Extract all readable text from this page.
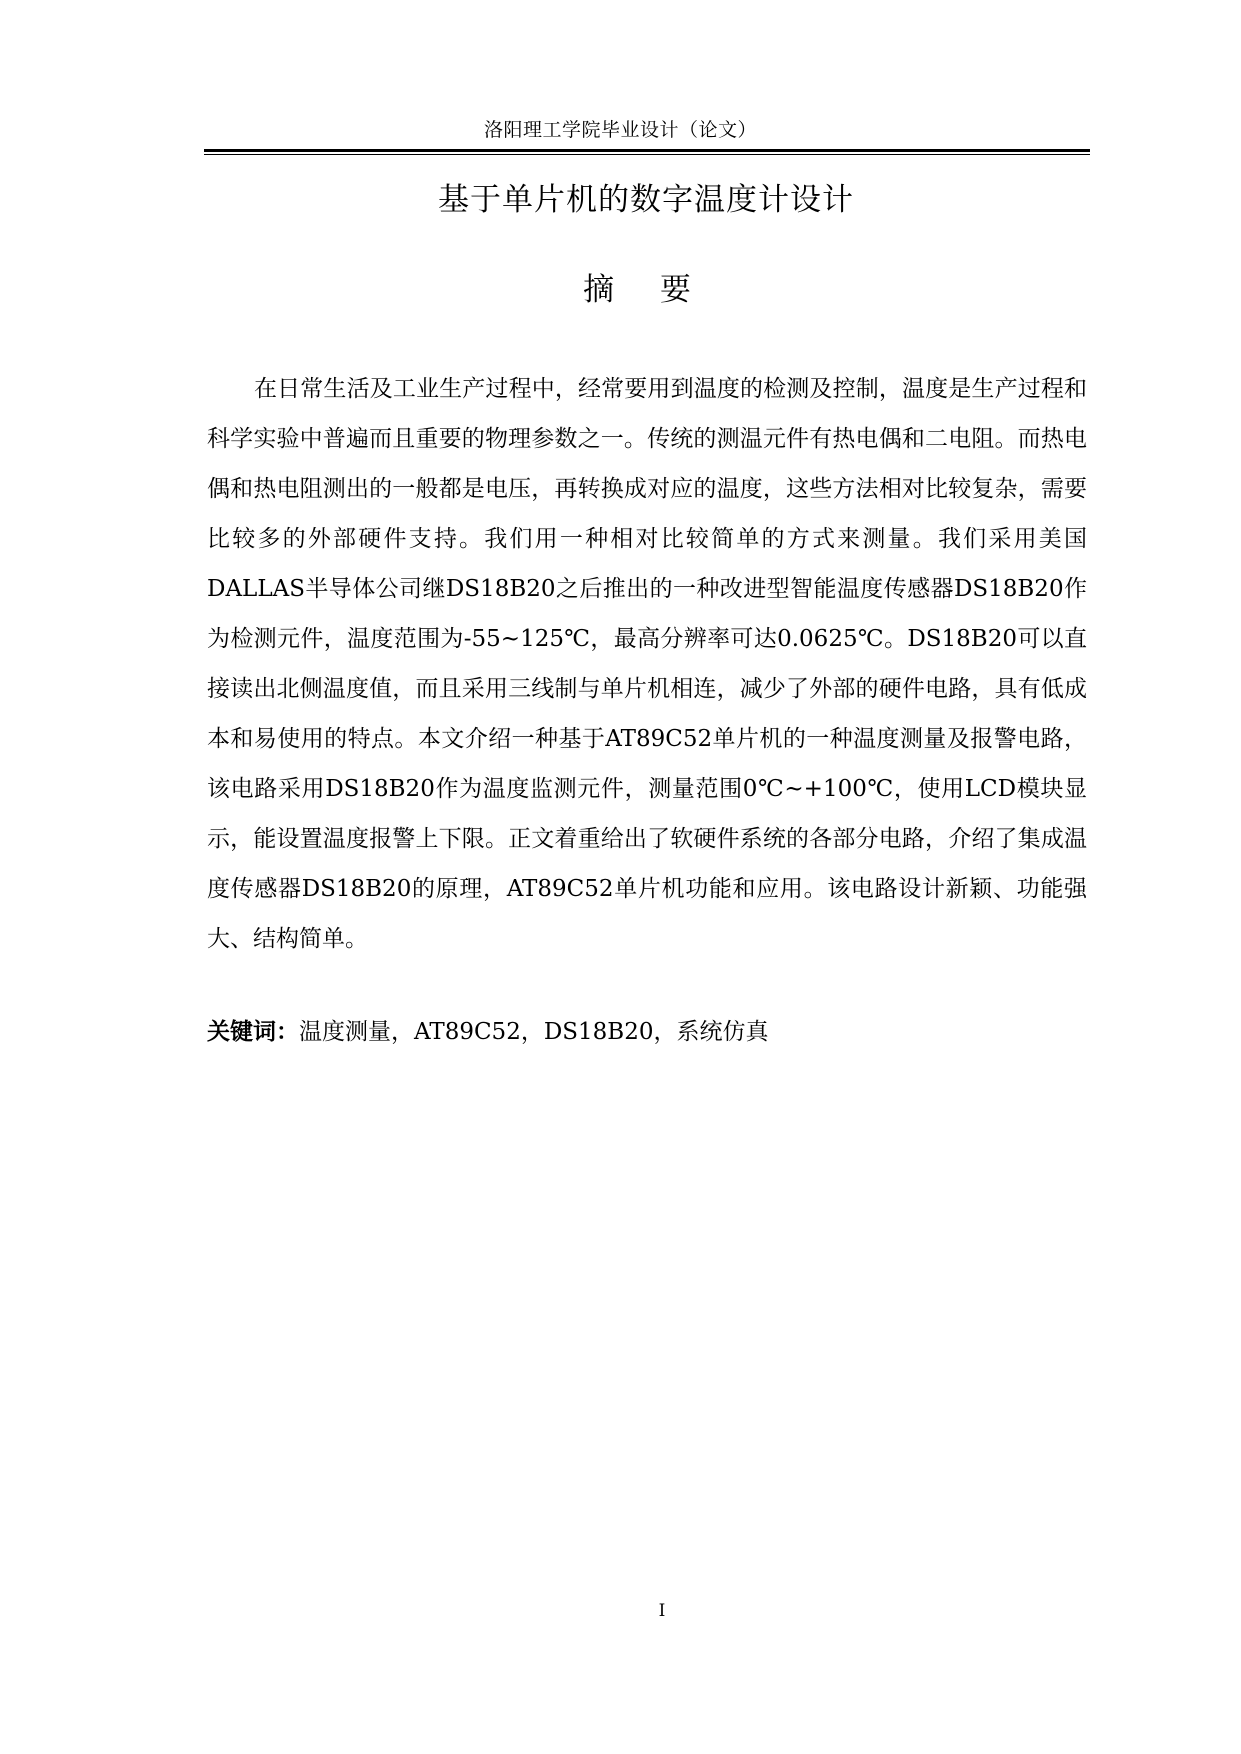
洛阳理工学院毕业设计（论文）
基于单片机的数字温度计设计
摘 要

在日常生活及工业生产过程中，经常要用到温度的检测及控制，温度是生产过程和科学实验中普遍而且重要的物理参数之一。传统的测温元件有热电偶和二电阻。而热电偶和热电阻测出的一般都是电压，再转换成对应的温度，这些方法相对比较复杂，需要比较多的外部硬件支持。我们用一种相对比较简单的方式来测量。我们采用美国DALLAS半导体公司继DS18B20之后推出的一种改进型智能温度传感器DS18B20作为检测元件，温度范围为-55~125℃，最高分辨率可达0.0625℃。DS18B20可以直接读出北侧温度值，而且采用三线制与单片机相连，减少了外部的硬件电路，具有低成本和易使用的特点。本文介绍一种基于AT89C52单片机的一种温度测量及报警电路，该电路采用DS18B20作为温度监测元件，测量范围0℃~+100℃，使用LCD模块显示，能设置温度报警上下限。正文着重给出了软硬件系统的各部分电路，介绍了集成温度传感器DS18B20的原理，AT89C52单片机功能和应用。该电路设计新颖、功能强大、结构简单。

关键词：温度测量，AT89C52，DS18B20，系统仿真
I
